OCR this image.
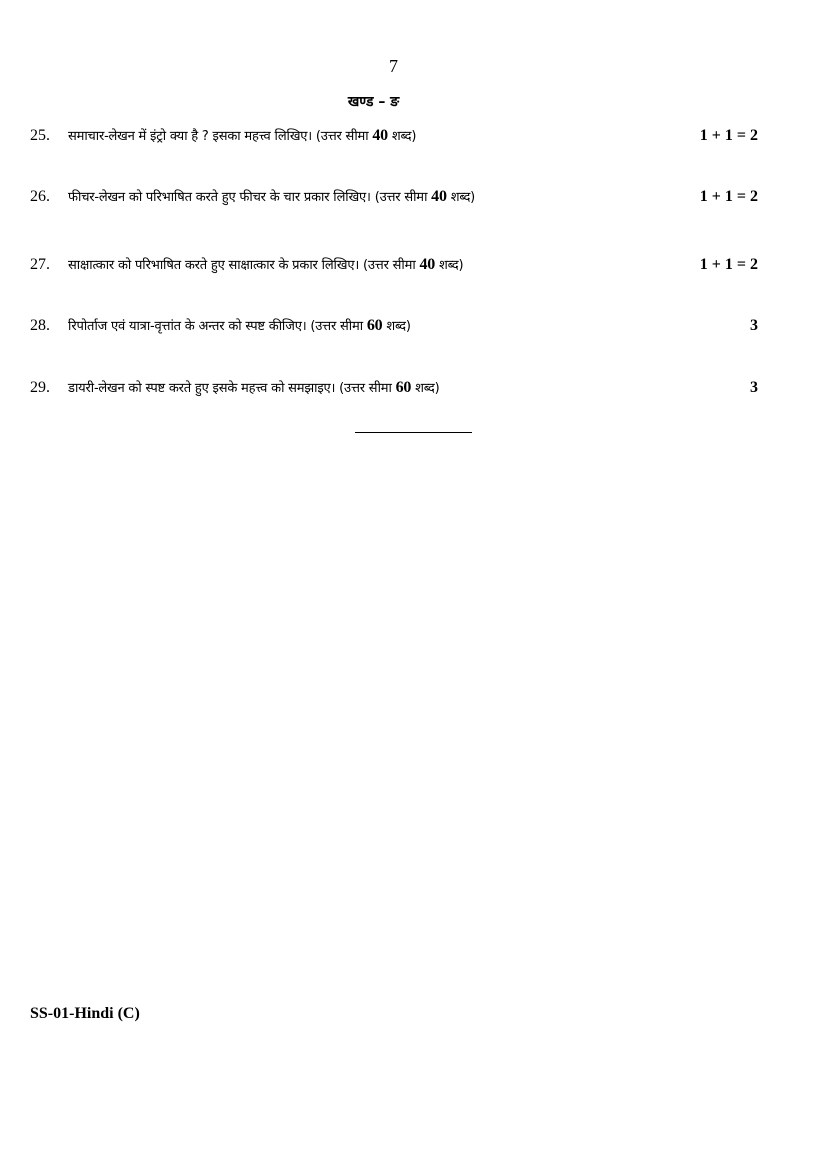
7
खण्ड – ङ
25.	समाचार-लेखन में इंट्रो क्या है ? इसका महत्त्व लिखिए। (उत्तर सीमा 40 शब्द)	1 + 1 = 2
26.	फीचर-लेखन को परिभाषित करते हुए फीचर के चार प्रकार लिखिए। (उत्तर सीमा 40 शब्द)	1 + 1 = 2
27.	साक्षात्कार को परिभाषित करते हुए साक्षात्कार के प्रकार लिखिए। (उत्तर सीमा 40 शब्द)	1 + 1 = 2
28.	रिपोर्ताज एवं यात्रा-वृत्तांत के अन्तर को स्पष्ट कीजिए। (उत्तर सीमा 60 शब्द)	3
29.	डायरी-लेखन को स्पष्ट करते हुए इसके महत्त्व को समझाइए। (उत्तर सीमा 60 शब्द)	3
SS-01-Hindi (C)
